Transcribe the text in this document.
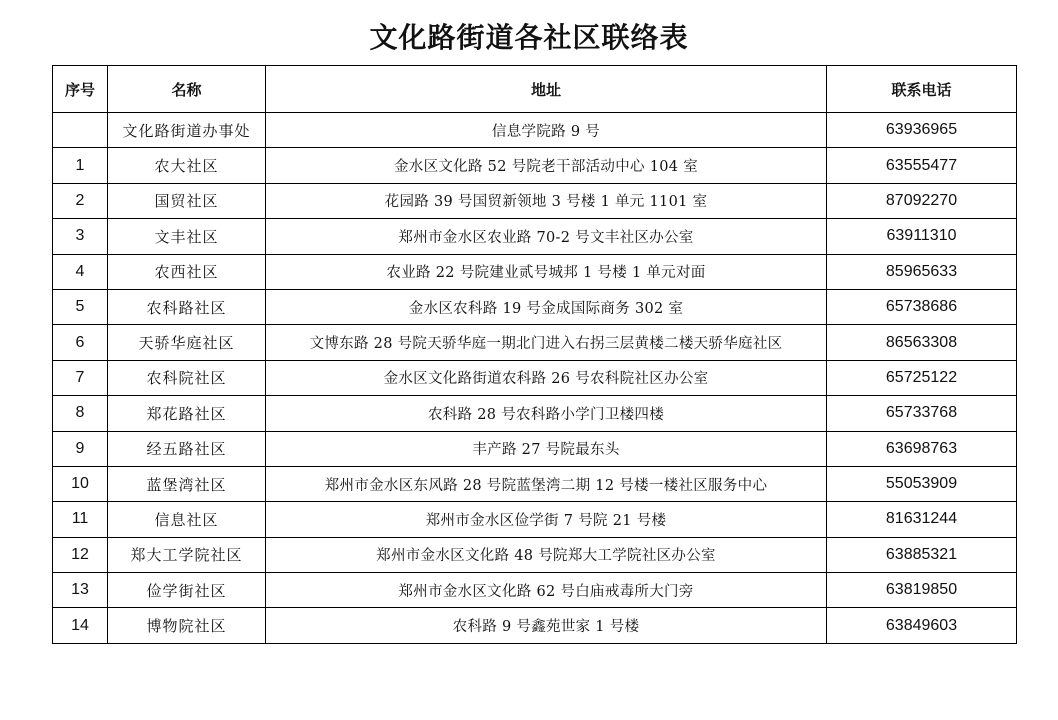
文化路街道各社区联络表
序号	名称	地址	联系电话
	文化路街道办事处	信息学院路 9 号	63936965
1	农大社区	金水区文化路 52 号院老干部活动中心 104 室	63555477
2	国贸社区	花园路 39 号国贸新领地 3 号楼 1 单元 1101 室	87092270
3	文丰社区	郑州市金水区农业路 70-2 号文丰社区办公室	63911310
4	农西社区	农业路 22 号院建业贰号城邦 1 号楼 1 单元对面	85965633
5	农科路社区	金水区农科路 19 号金成国际商务 302 室	65738686
6	天骄华庭社区	文博东路 28 号院天骄华庭一期北门进入右拐三层黄楼二楼天骄华庭社区	86563308
7	农科院社区	金水区文化路街道农科路 26 号农科院社区办公室	65725122
8	郑花路社区	农科路 28 号农科路小学门卫楼四楼	65733768
9	经五路社区	丰产路 27 号院最东头	63698763
10	蓝堡湾社区	郑州市金水区东风路 28 号院蓝堡湾二期 12 号楼一楼社区服务中心	55053909
11	信息社区	郑州市金水区俭学街 7 号院 21 号楼	81631244
12	郑大工学院社区	郑州市金水区文化路 48 号院郑大工学院社区办公室	63885321
13	俭学街社区	郑州市金水区文化路 62 号白庙戒毒所大门旁	63819850
14	博物院社区	农科路 9 号鑫苑世家 1 号楼	63849603
